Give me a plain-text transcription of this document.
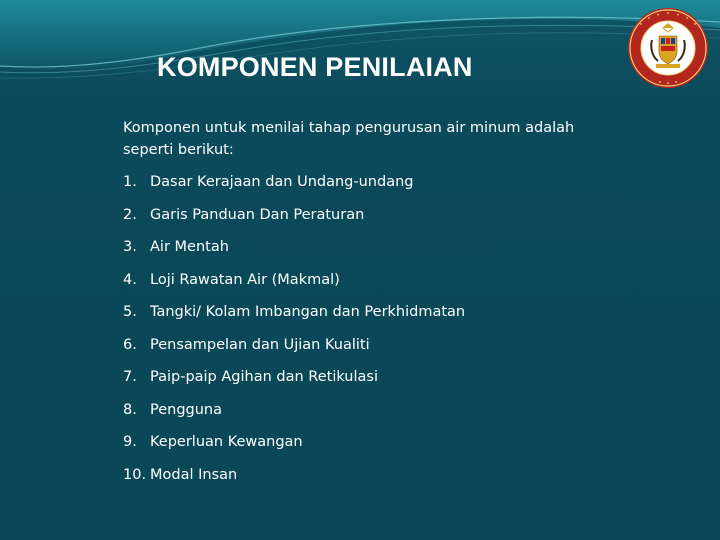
KOMPONEN PENILAIAN
Komponen untuk menilai tahap pengurusan air minum adalah seperti berikut:
1. Dasar Kerajaan dan Undang-undang
2. Garis Panduan Dan Peraturan
3. Air Mentah
4. Loji Rawatan Air (Makmal)
5. Tangki/ Kolam Imbangan dan Perkhidmatan
6. Pensampelan dan Ujian Kualiti
7. Paip-paip Agihan dan Retikulasi
8. Pengguna
9. Keperluan Kewangan
10. Modal Insan
